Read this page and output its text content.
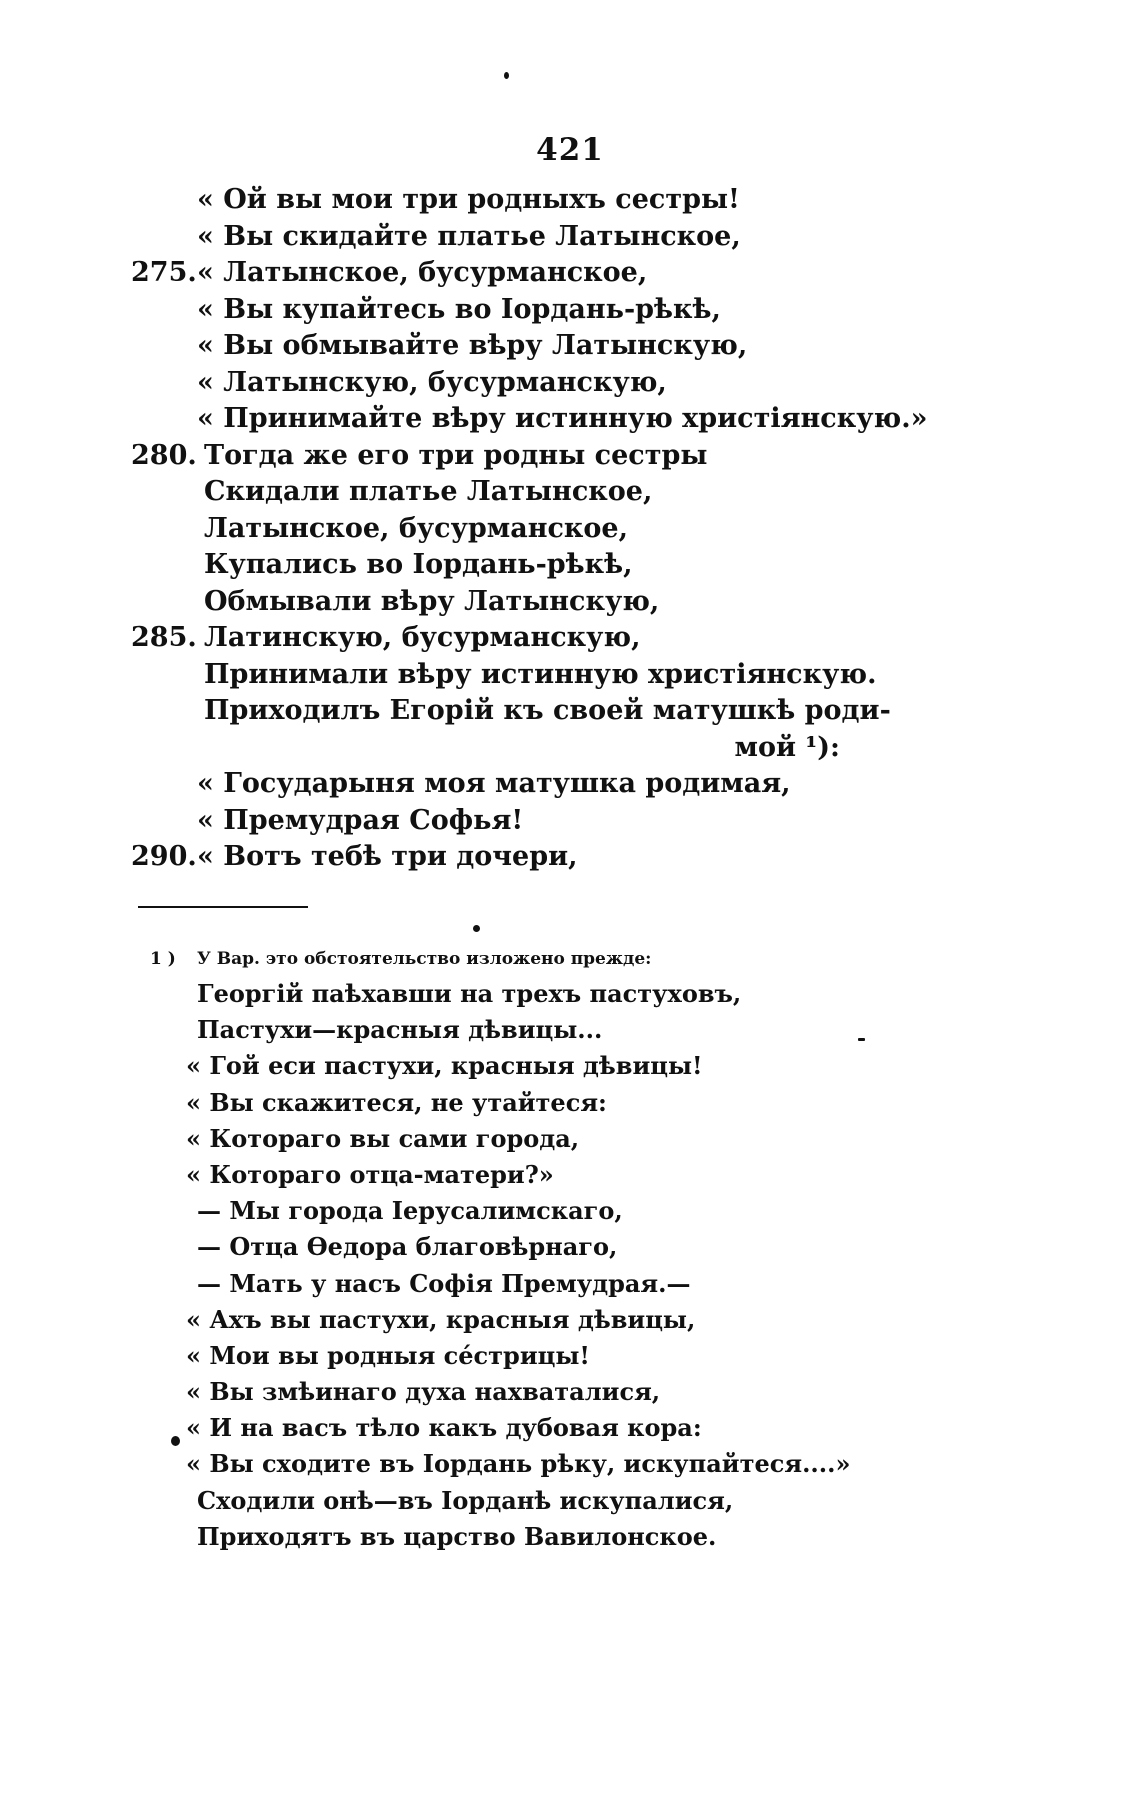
421
« Ой вы мои три родныхъ сестры!
« Вы скидайте платье Латынское,
275. « Латынское, бусурманское,
« Вы купайтесь во Іордань-рѣкѣ,
« Вы обмывайте вѣру Латынскую,
« Латынскую, бусурманскую,
« Принимайте вѣру истинную христіянскую.»
280. Тогда же его три родны сестры
Скидали платье Латынское,
Латынское, бусурманское,
Купались во Іордань-рѣкѣ,
Обмывали вѣру Латынскую,
285. Латинскую, бусурманскую,
Принимали вѣру истинную христіянскую.
Приходилъ Егорій къ своей матушкѣ роди-
мой ¹):
« Государыня моя матушка родимая,
« Премудрая Софья!
290. « Вотъ тебѣ три дочери,
1 ) У Вар. это обстоятельство изложено прежде:
Георгій паѣхавши на трехъ пастуховъ,
Пастухи—красныя дѣвицы...
« Гой еси пастухи, красныя дѣвицы!
« Вы скажитеся, не утайтеся:
« Котораго вы сами города,
« Котораго отца-матери?»
— Мы города Іерусалимскаго,
— Отца Ѳедора благовѣрнаго,
— Мать у насъ Софія Премудрая.—
« Ахъ вы пастухи, красныя дѣвицы,
« Мои вы родныя сéстрицы!
« Вы змѣинаго духа нахваталися,
« И на васъ тѣло какъ дубовая кора:
« Вы сходите въ Іордань рѣку, искупайтеся....»
Сходили онѣ—въ Іорданѣ искупалися,
Приходятъ въ царство Вавилонское.
